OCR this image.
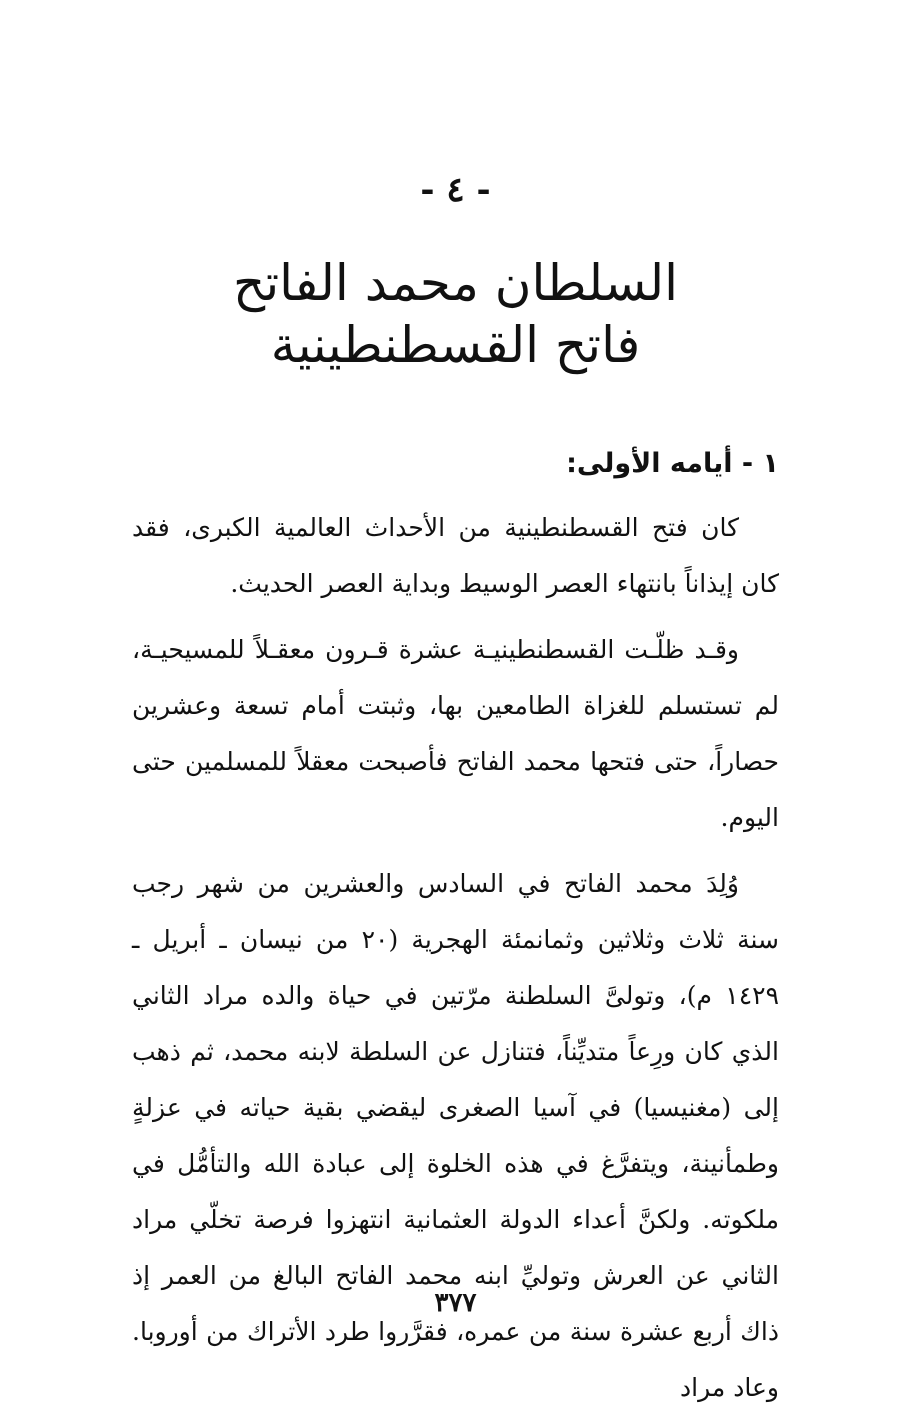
- ٤ -
السلطان محمد الفاتح
فاتح القسطنطينية
١ - أيامه الأولى:

كان فتح القسطنطينية من الأحداث العالمية الكبرى، فقد كان إيذاناً بانتهاء العصر الوسيط وبداية العصر الحديث.

وقـد ظلّـت القسطنطينيـة عشرة قـرون معقـلاً للمسيحيـة، لم تستسلم للغزاة الطامعين بها، وثبتت أمام تسعة وعشرين حصاراً، حتى فتحها محمد الفاتح فأصبحت معقلاً للمسلمين حتى اليوم.

وُلِدَ محمد الفاتح في السادس والعشرين من شهر رجب سنة ثلاث وثلاثين وثمانمئة الهجرية (٢٠ من نيسان ـ أبريل ـ ١٤٢٩ م)، وتولىَّ السلطنة مرّتين في حياة والده مراد الثاني الذي كان ورِعاً متديِّناً، فتنازل عن السلطة لابنه محمد، ثم ذهب إلى (مغنيسيا) في آسيا الصغرى ليقضي بقية حياته في عزلةٍ وطمأنينة، ويتفرَّغ في هذه الخلوة إلى عبادة الله والتأمُّل في ملكوته. ولكنَّ أعداء الدولة العثمانية انتهزوا فرصة تخلّي مراد الثاني عن العرش وتوليِّ ابنه محمد الفاتح البالغ من العمر إذ ذاك أربع عشرة سنة من عمره، فقرَّروا طرد الأتراك من أوروبا. وعاد مراد

٣٧٧
